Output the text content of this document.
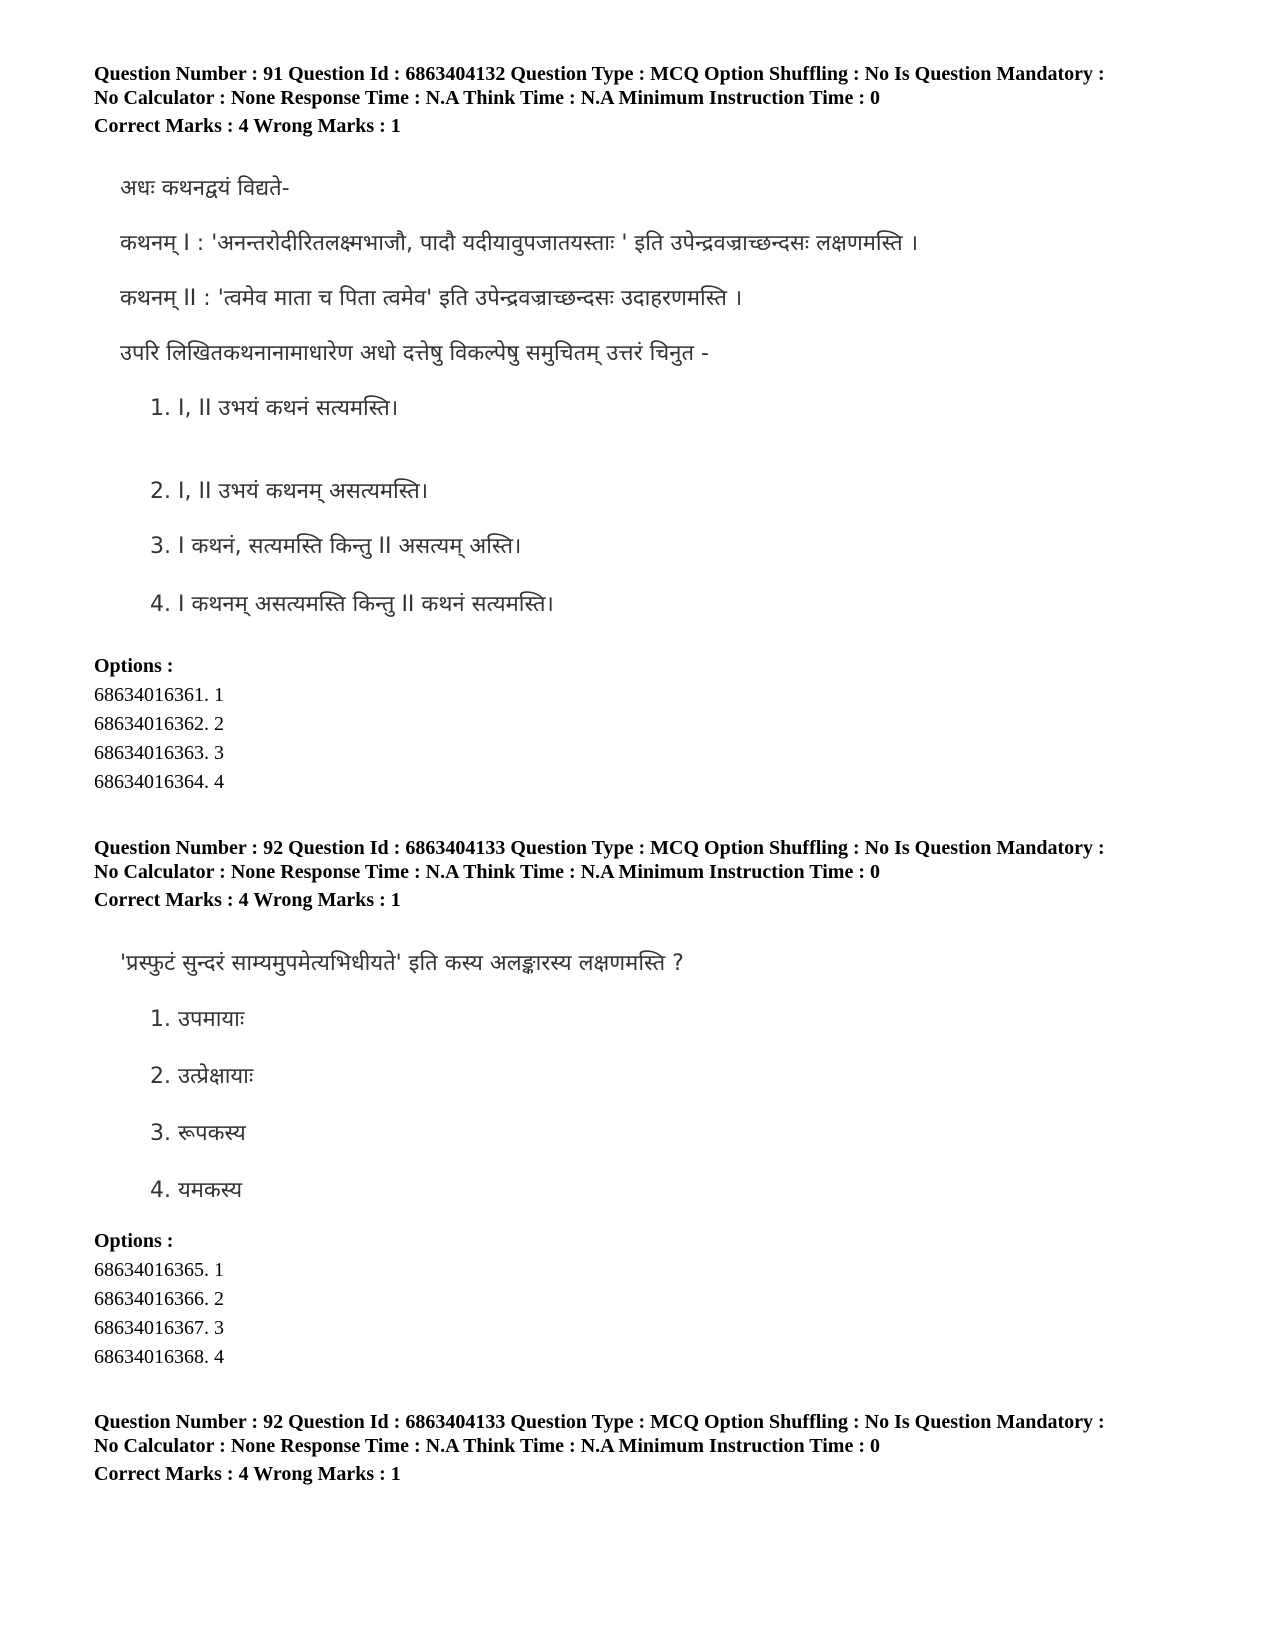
Question Number : 91 Question Id : 6863404132 Question Type : MCQ Option Shuffling : No Is Question Mandatory :
No Calculator : None Response Time : N.A Think Time : N.A Minimum Instruction Time : 0
Correct Marks : 4 Wrong Marks : 1
अधः कथनद्वयं विद्यते-
कथनम् I : 'अनन्तरोदीरितलक्ष्मभाजौ, पादौ यदीयावुपजातयस्ताः ' इति उपेन्द्रवज्राच्छन्दसः लक्षणमस्ति ।
कथनम् II : 'त्वमेव माता च पिता त्वमेव' इति उपेन्द्रवज्राच्छन्दसः उदाहरणमस्ति ।
उपरि लिखितकथनानामाधारेण अधो दत्तेषु विकल्पेषु समुचितम् उत्तरं चिनुत -
1. I, II उभयं कथनं सत्यमस्ति।
2. I, II उभयं कथनम् असत्यमस्ति।
3. I कथनं, सत्यमस्ति किन्तु II असत्यम् अस्ति।
4. I कथनम् असत्यमस्ति किन्तु II कथनं सत्यमस्ति।
Options :
68634016361. 1
68634016362. 2
68634016363. 3
68634016364. 4
Question Number : 92 Question Id : 6863404133 Question Type : MCQ Option Shuffling : No Is Question Mandatory :
No Calculator : None Response Time : N.A Think Time : N.A Minimum Instruction Time : 0
Correct Marks : 4 Wrong Marks : 1
'प्रस्फुटं सुन्दरं साम्यमुपमेत्यभिधीयते' इति कस्य अलङ्कारस्य लक्षणमस्ति ?
1. उपमायाः
2. उत्प्रेक्षायाः
3. रूपकस्य
4. यमकस्य
Options :
68634016365. 1
68634016366. 2
68634016367. 3
68634016368. 4
Question Number : 92 Question Id : 6863404133 Question Type : MCQ Option Shuffling : No Is Question Mandatory :
No Calculator : None Response Time : N.A Think Time : N.A Minimum Instruction Time : 0
Correct Marks : 4 Wrong Marks : 1
